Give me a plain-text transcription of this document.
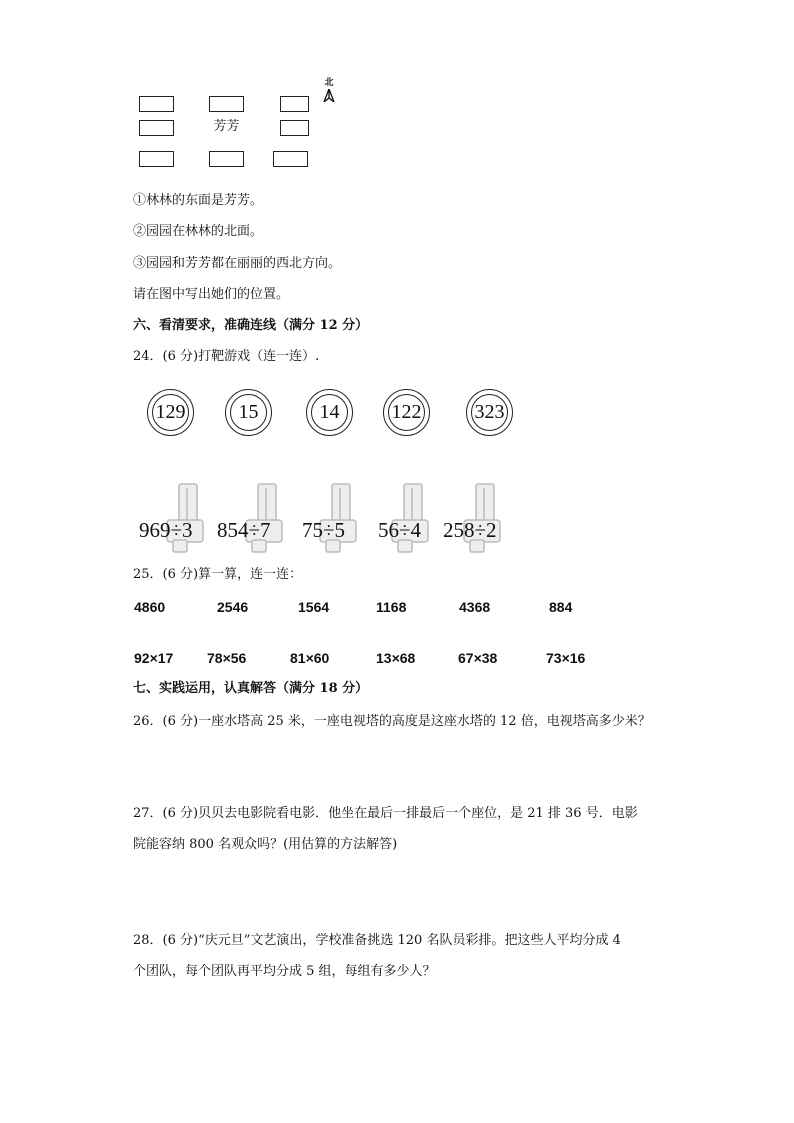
芳芳
北
①林林的东面是芳芳。
②园园在林林的北面。
③园园和芳芳都在丽丽的西北方向。
请在图中写出她们的位置。
六、看清要求，准确连线（满分 12 分）
24．(6 分)打靶游戏（连一连）.
129	15	14	122	323
969÷3 854÷7 75÷5 56÷4 258÷2
25．(6 分)算一算，连一连：
4860	2546	1564	1168	4368	884
92×17 78×56	81×60	13×68	67×38	73×16
七、实践运用，认真解答（满分 18 分）
26．(6 分)一座水塔高 25 米，一座电视塔的高度是这座水塔的 12 倍，电视塔高多少米？
27．(6 分)贝贝去电影院看电影．他坐在最后一排最后一个座位，是 21 排 36 号．电影
院能容纳 800 名观众吗？(用估算的方法解答)
28．(6 分)“庆元旦”文艺演出，学校准备挑选 120 名队员彩排。把这些人平均分成 4
个团队，每个团队再平均分成 5 组，每组有多少人？
